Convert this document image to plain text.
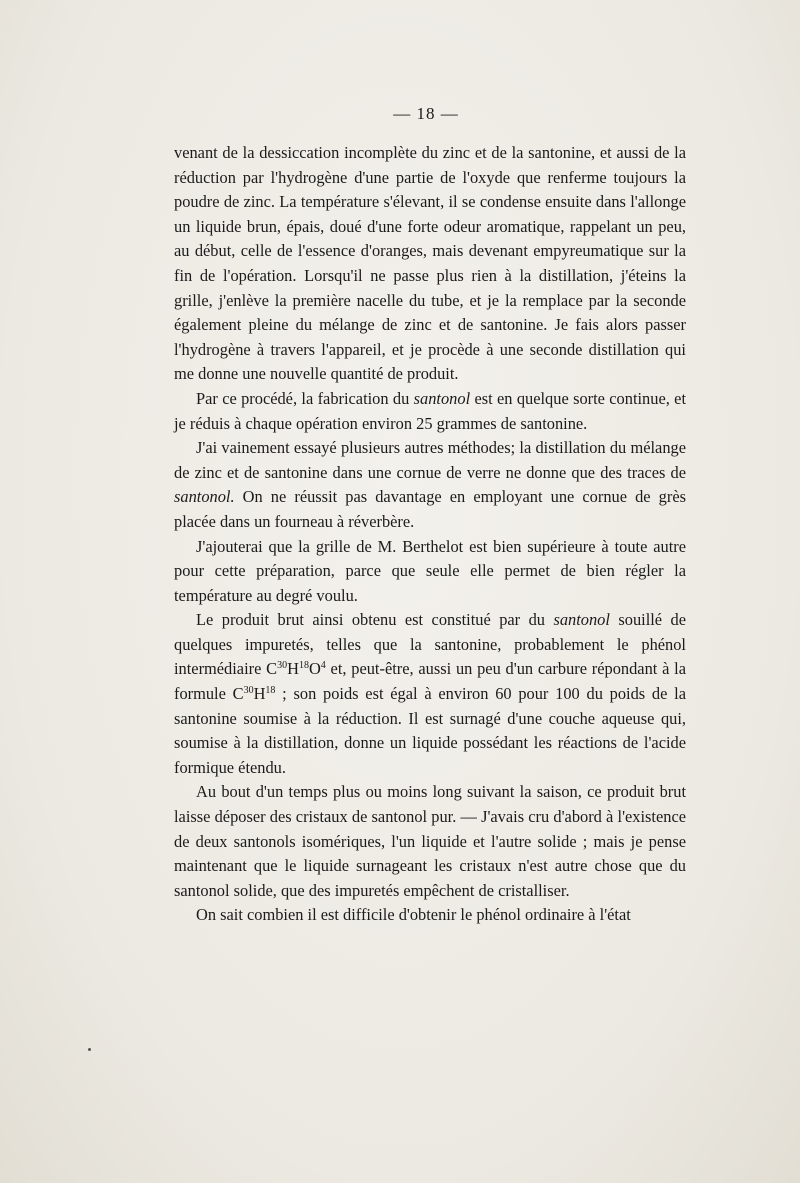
— 18 —

venant de la dessiccation incomplète du zinc et de la santonine, et aussi de la réduction par l'hydrogène d'une partie de l'oxyde que renferme toujours la poudre de zinc. La température s'élevant, il se condense ensuite dans l'allonge un liquide brun, épais, doué d'une forte odeur aromatique, rappelant un peu, au début, celle de l'essence d'oranges, mais devenant empyreumatique sur la fin de l'opération. Lorsqu'il ne passe plus rien à la distillation, j'éteins la grille, j'enlève la première nacelle du tube, et je la remplace par la seconde également pleine du mélange de zinc et de santonine. Je fais alors passer l'hydrogène à travers l'appareil, et je procède à une seconde distillation qui me donne une nouvelle quantité de produit.

Par ce procédé, la fabrication du santonol est en quelque sorte continue, et je réduis à chaque opération environ 25 grammes de santonine.

J'ai vainement essayé plusieurs autres méthodes; la distillation du mélange de zinc et de santonine dans une cornue de verre ne donne que des traces de santonol. On ne réussit pas davantage en employant une cornue de grès placée dans un fourneau à réverbère.

J'ajouterai que la grille de M. Berthelot est bien supérieure à toute autre pour cette préparation, parce que seule elle permet de bien régler la température au degré voulu.

Le produit brut ainsi obtenu est constitué par du santonol souillé de quelques impuretés, telles que la santonine, probablement le phénol intermédiaire $C^{30}H^{18}O^4$ et, peut-être, aussi un peu d'un carbure répondant à la formule $C^{30}H^{18}$ ; son poids est égal à environ 60 pour 100 du poids de la santonine soumise à la réduction. Il est surnagé d'une couche aqueuse qui, soumise à la distillation, donne un liquide possédant les réactions de l'acide formique étendu.

Au bout d'un temps plus ou moins long suivant la saison, ce produit brut laisse déposer des cristaux de santonol pur. — J'avais cru d'abord à l'existence de deux santonols isomériques, l'un liquide et l'autre solide ; mais je pense maintenant que le liquide surnageant les cristaux n'est autre chose que du santonol solide, que des impuretés empêchent de cristalliser.

On sait combien il est difficile d'obtenir le phénol ordinaire à l'état
